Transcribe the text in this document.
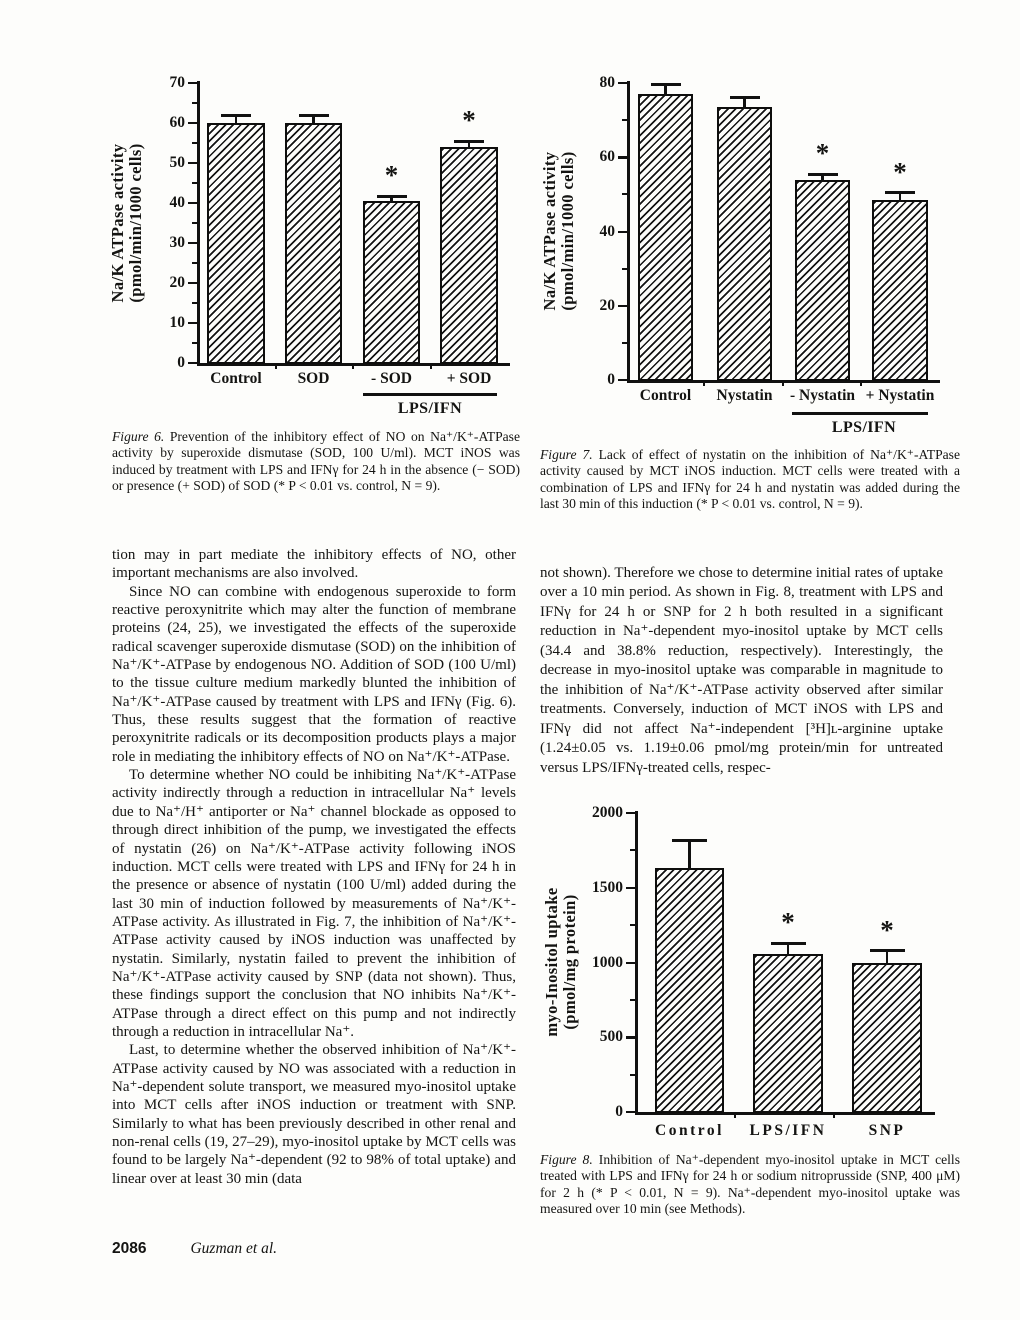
0
10
20
30
40
50
60
70
Control	SOD
*
- SOD
*
+ SOD
LPS/IFN
Na/K ATPase activity
(pmol/min/1000 cells)
0
20
40
60
80
Control	Nystatin
*
- Nystatin
*
+ Nystatin
LPS/IFN
Na/K ATPase activity
(pmol/min/1000 cells)
Figure 6. Prevention of the inhibitory effect of NO on Na⁺/K⁺-ATPase activity by superoxide dismutase (SOD, 100 U/ml). MCT iNOS was induced by treatment with LPS and IFNγ for 24 h in the absence (− SOD) or presence (+ SOD) of SOD (* P < 0.01 vs. control, N = 9).
Figure 7. Lack of effect of nystatin on the inhibition of Na⁺/K⁺-ATPase activity caused by MCT iNOS induction. MCT cells were treated with a combination of LPS and IFNγ for 24 h and nystatin was added during the last 30 min of this induction (* P < 0.01 vs. control, N = 9).

tion may in part mediate the inhibitory effects of NO, other important mechanisms are also involved.

Since NO can combine with endogenous superoxide to form reactive peroxynitrite which may alter the function of membrane proteins (24, 25), we investigated the effects of the superoxide radical scavenger superoxide dismutase (SOD) on the inhibition of Na⁺/K⁺-ATPase by endogenous NO. Addition of SOD (100 U/ml) to the tissue culture medium markedly blunted the inhibition of Na⁺/K⁺-ATPase caused by treatment with LPS and IFNγ (Fig. 6). Thus, these results suggest that the formation of reactive peroxynitrite radicals or its decomposition products plays a major role in mediating the inhibitory effects of NO on Na⁺/K⁺-ATPase.

To determine whether NO could be inhibiting Na⁺/K⁺-ATPase activity indirectly through a reduction in intracellular Na⁺ levels due to Na⁺/H⁺ antiporter or Na⁺ channel blockade as opposed to through direct inhibition of the pump, we investigated the effects of nystatin (26) on Na⁺/K⁺-ATPase activity following iNOS induction. MCT cells were treated with LPS and IFNγ for 24 h in the presence or absence of nystatin (100 U/ml) added during the last 30 min of induction followed by measurements of Na⁺/K⁺-ATPase activity. As illustrated in Fig. 7, the inhibition of Na⁺/K⁺-ATPase activity caused by iNOS induction was unaffected by nystatin. Similarly, nystatin failed to prevent the inhibition of Na⁺/K⁺-ATPase activity caused by SNP (data not shown). Thus, these findings support the conclusion that NO inhibits Na⁺/K⁺-ATPase through a direct effect on this pump and not indirectly through a reduction in intracellular Na⁺.

Last, to determine whether the observed inhibition of Na⁺/K⁺-ATPase activity caused by NO was associated with a reduction in Na⁺-dependent solute transport, we measured myo-inositol uptake into MCT cells after iNOS induction or treatment with SNP. Similarly to what has been previously described in other renal and non-renal cells (19, 27–29), myo-inositol uptake by MCT cells was found to be largely Na⁺-dependent (92 to 98% of total uptake) and linear over at least 30 min (data

not shown). Therefore we chose to determine initial rates of uptake over a 10 min period. As shown in Fig. 8, treatment with LPS and IFNγ for 24 h or SNP for 2 h both resulted in a significant reduction in Na⁺-dependent myo-inositol uptake by MCT cells (34.4 and 38.8% reduction, respectively). Interestingly, the decrease in myo-inositol uptake was comparable in magnitude to the inhibition of Na⁺/K⁺-ATPase activity observed after similar treatments. Conversely, induction of MCT iNOS with LPS and IFNγ did not affect Na⁺-independent [³H]ʟ-arginine uptake (1.24±0.05 vs. 1.19±0.06 pmol/mg protein/min for untreated versus LPS/IFNγ-treated cells, respec-

0
500
1000
1500
2000
Control
*
LPS/IFN
*
SNP
myo-Inositol uptake
(pmol/mg protein)
Figure 8. Inhibition of Na⁺-dependent myo-inositol uptake in MCT cells treated with LPS and IFNγ for 24 h or sodium nitroprusside (SNP, 400 μM) for 2 h (* P < 0.01, N = 9). Na⁺-dependent myo-inositol uptake was measured over 10 min (see Methods).
2086	Guzman et al.
